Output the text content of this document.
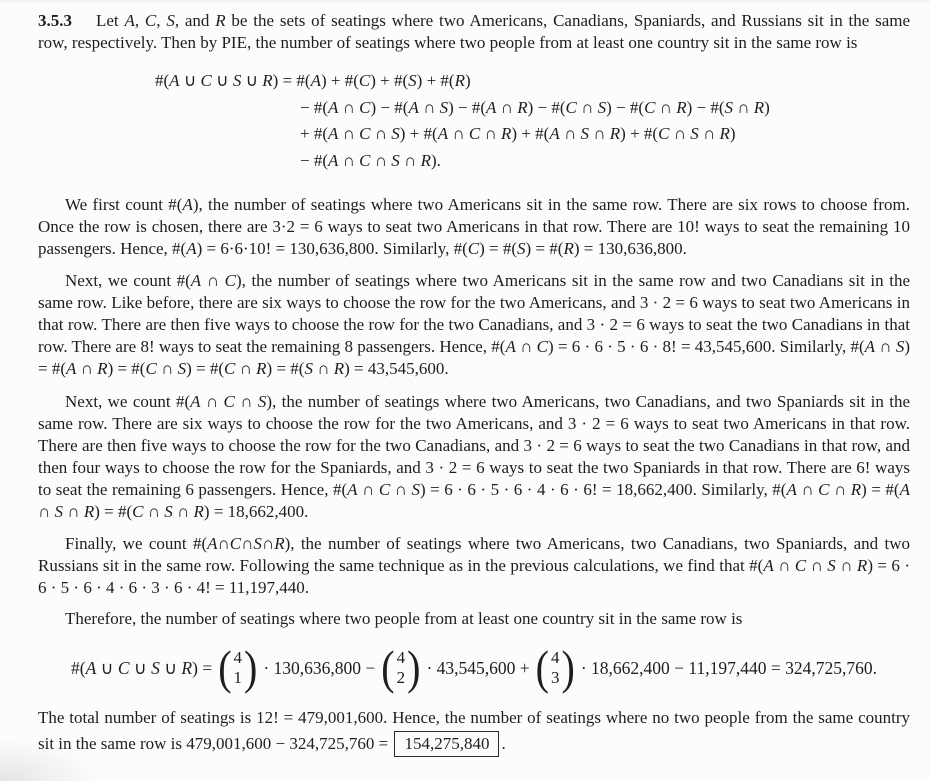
3.5.3 Let A, C, S, and R be the sets of seatings where two Americans, Canadians, Spaniards, and Russians sit in the same row, respectively. Then by PIE, the number of seatings where two people from at least one country sit in the same row is

#(A ∪ C ∪ S ∪ R) = #(A) + #(C) + #(S) + #(R)
− #(A ∩ C) − #(A ∩ S) − #(A ∩ R) − #(C ∩ S) − #(C ∩ R) − #(S ∩ R)
+ #(A ∩ C ∩ S) + #(A ∩ C ∩ R) + #(A ∩ S ∩ R) + #(C ∩ S ∩ R)
− #(A ∩ C ∩ S ∩ R).

We first count #(A), the number of seatings where two Americans sit in the same row. There are six rows to choose from. Once the row is chosen, there are 3·2 = 6 ways to seat two Americans in that row. There are 10! ways to seat the remaining 10 passengers. Hence, #(A) = 6·6·10! = 130,636,800. Similarly, #(C) = #(S) = #(R) = 130,636,800.

Next, we count #(A ∩ C), the number of seatings where two Americans sit in the same row and two Canadians sit in the same row. Like before, there are six ways to choose the row for the two Americans, and 3 · 2 = 6 ways to seat two Americans in that row. There are then five ways to choose the row for the two Canadians, and 3 · 2 = 6 ways to seat the two Canadians in that row. There are 8! ways to seat the remaining 8 passengers. Hence, #(A ∩ C) = 6 · 6 · 5 · 6 · 8! = 43,545,600. Similarly, #(A ∩ S) = #(A ∩ R) = #(C ∩ S) = #(C ∩ R) = #(S ∩ R) = 43,545,600.

Next, we count #(A ∩ C ∩ S), the number of seatings where two Americans, two Canadians, and two Spaniards sit in the same row. There are six ways to choose the row for the two Americans, and 3 · 2 = 6 ways to seat two Americans in that row. There are then five ways to choose the row for the two Canadians, and 3 · 2 = 6 ways to seat the two Canadians in that row, and then four ways to choose the row for the Spaniards, and 3 · 2 = 6 ways to seat the two Spaniards in that row. There are 6! ways to seat the remaining 6 passengers. Hence, #(A ∩ C ∩ S) = 6 · 6 · 5 · 6 · 4 · 6 · 6! = 18,662,400. Similarly, #(A ∩ C ∩ R) = #(A ∩ S ∩ R) = #(C ∩ S ∩ R) = 18,662,400.

Finally, we count #(A∩C∩S∩R), the number of seatings where two Americans, two Canadians, two Spaniards, and two Russians sit in the same row. Following the same technique as in the previous calculations, we find that #(A ∩ C ∩ S ∩ R) = 6 · 6 · 5 · 6 · 4 · 6 · 3 · 6 · 4! = 11,197,440.

Therefore, the number of seatings where two people from at least one country sit in the same row is

#(A ∪ C ∪ S ∪ R) = ( 4
1 ) · 130,636,800 − ( 4
2 ) · 43,545,600 + ( 4
3 ) · 18,662,400 − 11,197,440 = 324,725,760.

The total number of seatings is 12! = 479,001,600. Hence, the number of seatings where no two people from the same country sit in the same row is 479,001,600 − 324,725,760 = 154,275,840 .
